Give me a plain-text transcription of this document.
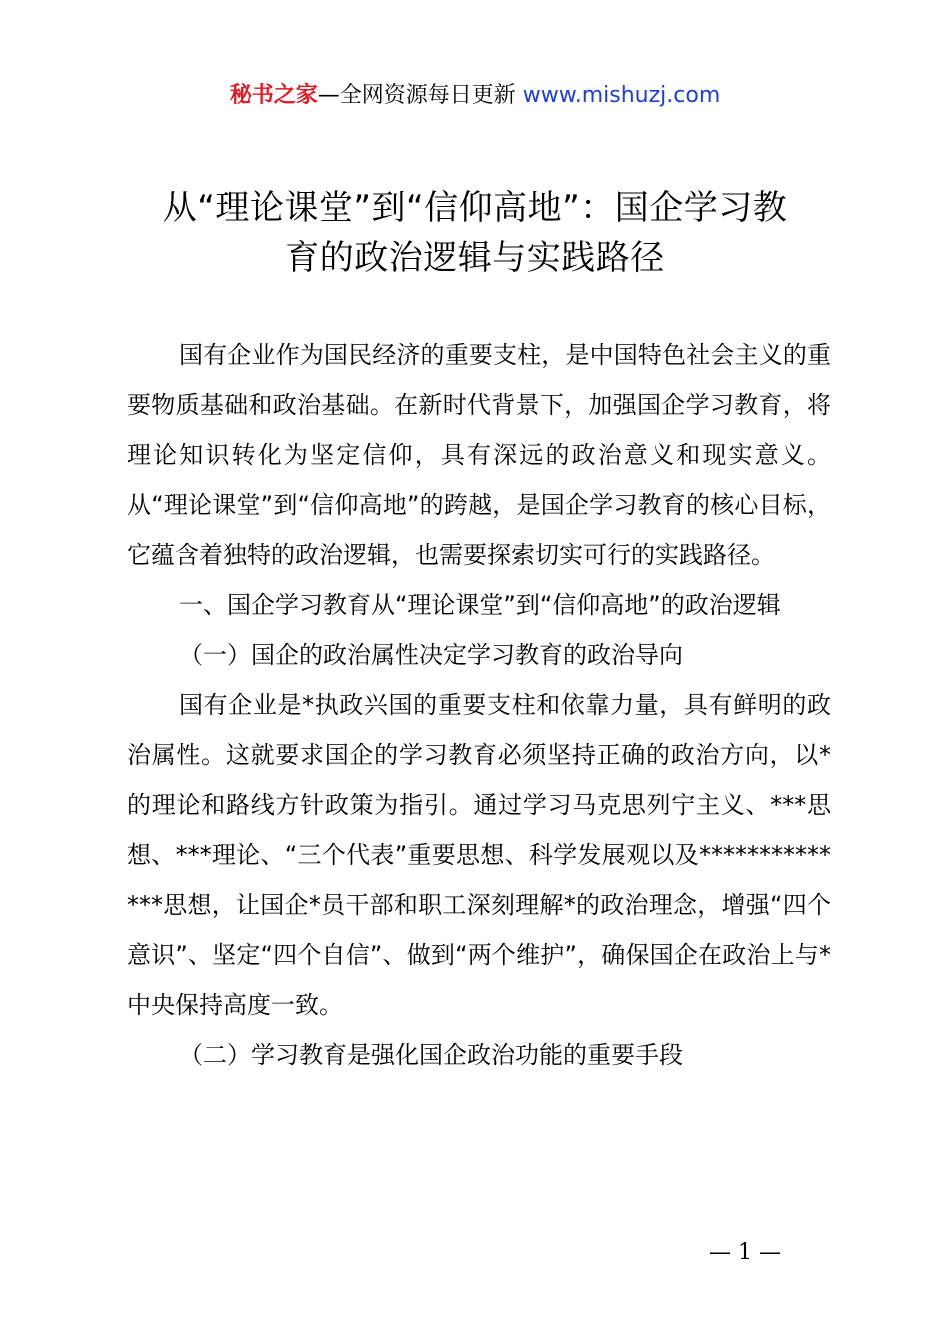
秘书之家—全网资源每日更新 www.mishuzj.com
从“理论课堂”到“信仰高地”：国企学习教
育的政治逻辑与实践路径

国有企业作为国民经济的重要支柱，是中国特色社会主义的重要物质基础和政治基础。在新时代背景下，加强国企学习教育，将理论知识转化为坚定信仰，具有深远的政治意义和现实意义。从“理论课堂”到“信仰高地”的跨越，是国企学习教育的核心目标，它蕴含着独特的政治逻辑，也需要探索切实可行的实践路径。

一、国企学习教育从“理论课堂”到“信仰高地”的政治逻辑

（一）国企的政治属性决定学习教育的政治导向

国有企业是*执政兴国的重要支柱和依靠力量，具有鲜明的政治属性。这就要求国企的学习教育必须坚持正确的政治方向，以*的理论和路线方针政策为指引。通过学习马克思列宁主义、***思想、***理论、“三个代表”重要思想、科学发展观以及**************思想，让国企*员干部和职工深刻理解*的政治理念，增强“四个意识”、坚定“四个自信”、做到“两个维护”，确保国企在政治上与*中央保持高度一致。

（二）学习教育是强化国企政治功能的重要手段

— 1 —
